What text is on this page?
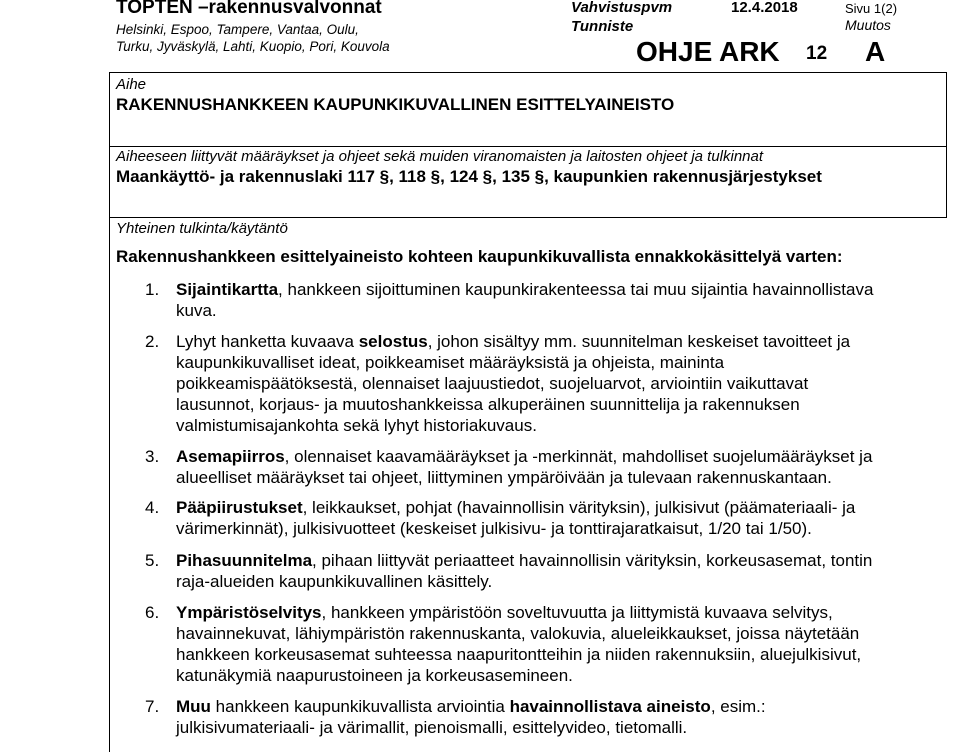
TOPTEN –rakennusvalvonnat
Helsinki, Espoo, Tampere, Vantaa, Oulu,
Turku, Jyväskylä, Lahti, Kuopio, Pori, Kouvola
Vahvistuspvm	12.4.2018
Tunniste
Sivu 1(2)
Muutos
OHJE ARK 12 A
Aihe
RAKENNUSHANKKEEN KAUPUNKIKUVALLINEN ESITTELYAINEISTO
Aiheeseen liittyvät määräykset ja ohjeet sekä muiden viranomaisten ja laitosten ohjeet ja tulkinnat
Maankäyttö- ja rakennuslaki 117 §, 118 §, 124 §, 135 §, kaupunkien rakennusjärjestykset
Yhteinen tulkinta/käytäntö
Rakennushankkeen esittelyaineisto kohteen kaupunkikuvallista ennakkokäsittelyä varten:
1. Sijaintikartta, hankkeen sijoittuminen kaupunkirakenteessa tai muu sijaintia havainnollistava
kuva.
2. Lyhyt hanketta kuvaava selostus, johon sisältyy mm. suunnitelman keskeiset tavoitteet ja
kaupunkikuvalliset ideat, poikkeamiset määräyksistä ja ohjeista, maininta
poikkeamispäätöksestä, olennaiset laajuustiedot, suojeluarvot, arviointiin vaikuttavat
lausunnot, korjaus- ja muutoshankkeissa alkuperäinen suunnittelija ja rakennuksen
valmistumisajankohta sekä lyhyt historiakuvaus.
3. Asemapiirros, olennaiset kaavamääräykset ja -merkinnät, mahdolliset suojelumääräykset ja
alueelliset määräykset tai ohjeet, liittyminen ympäröivään ja tulevaan rakennuskantaan.
4. Pääpiirustukset, leikkaukset, pohjat (havainnollisin värityksin), julkisivut (päämateriaali- ja
värimerkinnät), julkisivuotteet (keskeiset julkisivu- ja tonttirajaratkaisut, 1/20 tai 1/50).
5. Pihasuunnitelma, pihaan liittyvät periaatteet havainnollisin värityksin, korkeusasemat, tontin
raja-alueiden kaupunkikuvallinen käsittely.
6. Ympäristöselvitys, hankkeen ympäristöön soveltuvuutta ja liittymistä kuvaava selvitys,
havainnekuvat, lähiympäristön rakennuskanta, valokuvia, alueleikkaukset, joissa näytetään
hankkeen korkeusasemat suhteessa naapuritontteihin ja niiden rakennuksiin, aluejulkisivut,
katunäkymiä naapurustoineen ja korkeusasemineen.
7. Muu hankkeen kaupunkikuvallista arviointia havainnollistava aineisto, esim.:
julkisivumateriaali- ja värimallit, pienoismalli, esittelyvideo, tietomalli.
